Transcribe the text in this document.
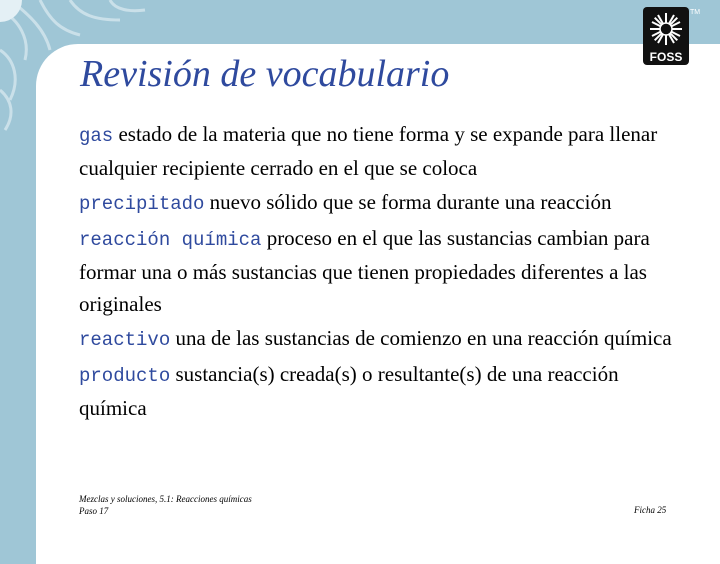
TM
FOSS
Revisión de vocabulario
gas estado de la materia que no tiene forma y se expande para llenar cualquier recipiente cerrado en el que se coloca
precipitado nuevo sólido que se forma durante una reacción
reacción química proceso en el que las sustancias cambian para formar una o más sustancias que tienen propiedades diferentes a las originales
reactivo una de las sustancias de comienzo en una reacción química
producto sustancia(s) creada(s) o resultante(s) de una reacción química
Mezclas y soluciones, 5.1: Reacciones químicas
Paso 17	Ficha 25
